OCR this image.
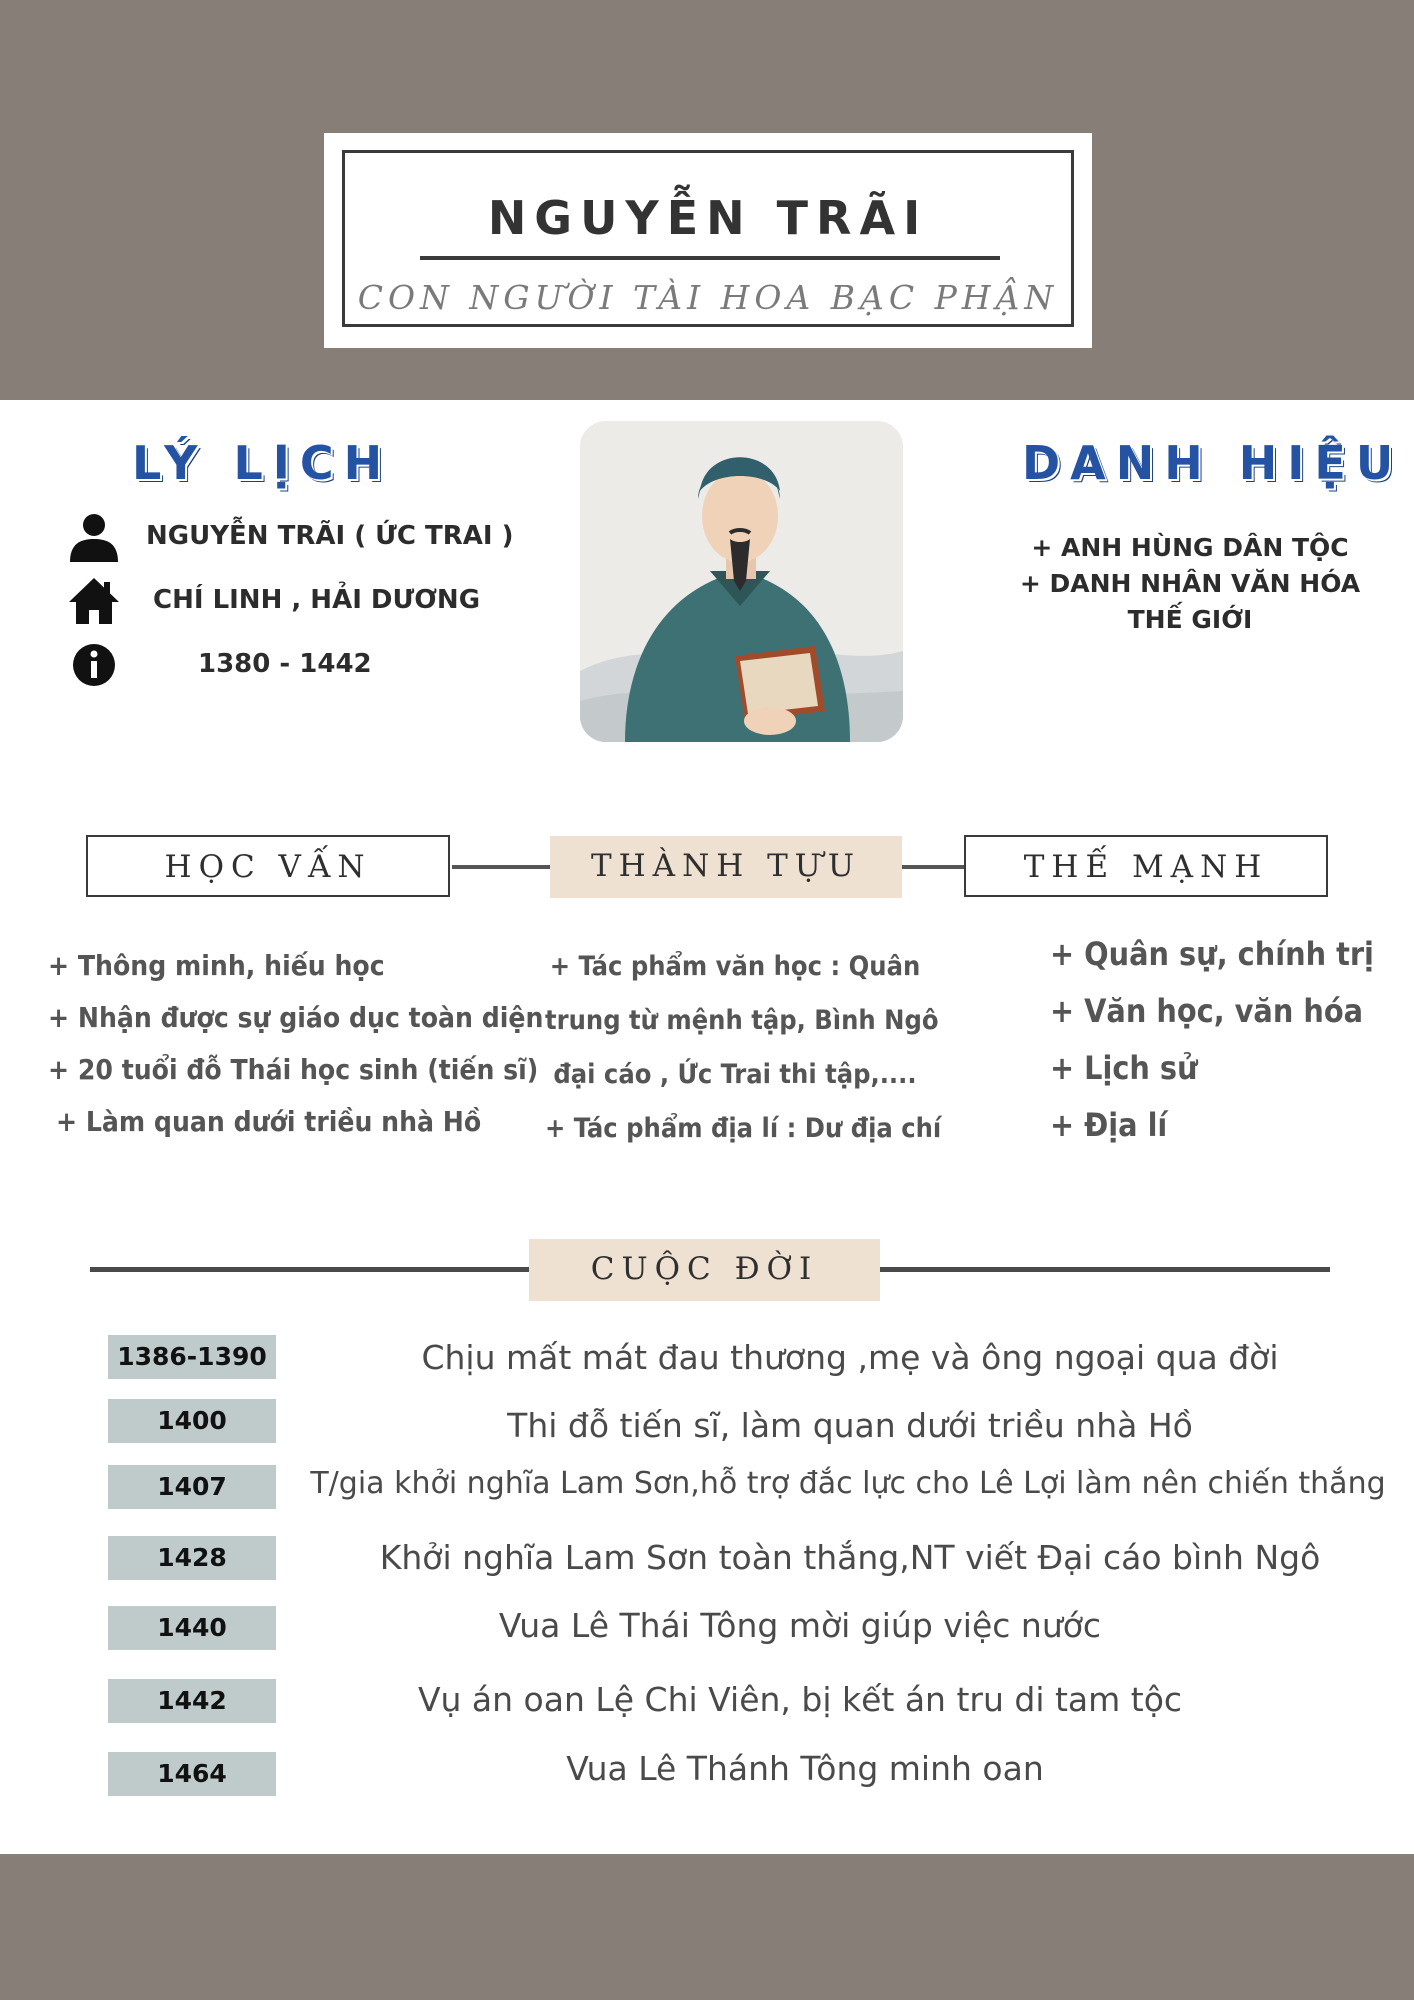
NGUYỄN TRÃI
CON NGƯỜI TÀI HOA BẠC PHẬN
LÝ LỊCH
NGUYỄN TRÃI ( ỨC TRAI )
CHÍ LINH , HẢI DƯƠNG
1380 - 1442
DANH HIỆU
+ ANH HÙNG DÂN TỘC
+ DANH NHÂN VĂN HÓA
THẾ GIỚI
HỌC VẤN	THÀNH TỰU	THẾ MẠNH
+ Thông minh, hiếu học
+ Nhận được sự giáo dục toàn diện
+ 20 tuổi đỗ Thái học sinh (tiến sĩ)
+ Làm quan dưới triều nhà Hồ
+ Tác phẩm văn học : Quân
trung từ mệnh tập, Bình Ngô
đại cáo , Ức Trai thi tập,....
+ Tác phẩm địa lí : Dư địa chí
+ Quân sự, chính trị
+ Văn học, văn hóa
+ Lịch sử
+ Địa lí
CUỘC ĐỜI
1386-1390	Chịu mất mát đau thương ,mẹ và ông ngoại qua đời
1400	Thi đỗ tiến sĩ, làm quan dưới triều nhà Hồ
1407	T/gia khởi nghĩa Lam Sơn,hỗ trợ đắc lực cho Lê Lợi làm nên chiến thắng
1428	Khởi nghĩa Lam Sơn toàn thắng,NT viết Đại cáo bình Ngô
1440	Vua Lê Thái Tông mời giúp việc nước
1442	Vụ án oan Lệ Chi Viên, bị kết án tru di tam tộc
1464	Vua Lê Thánh Tông minh oan
